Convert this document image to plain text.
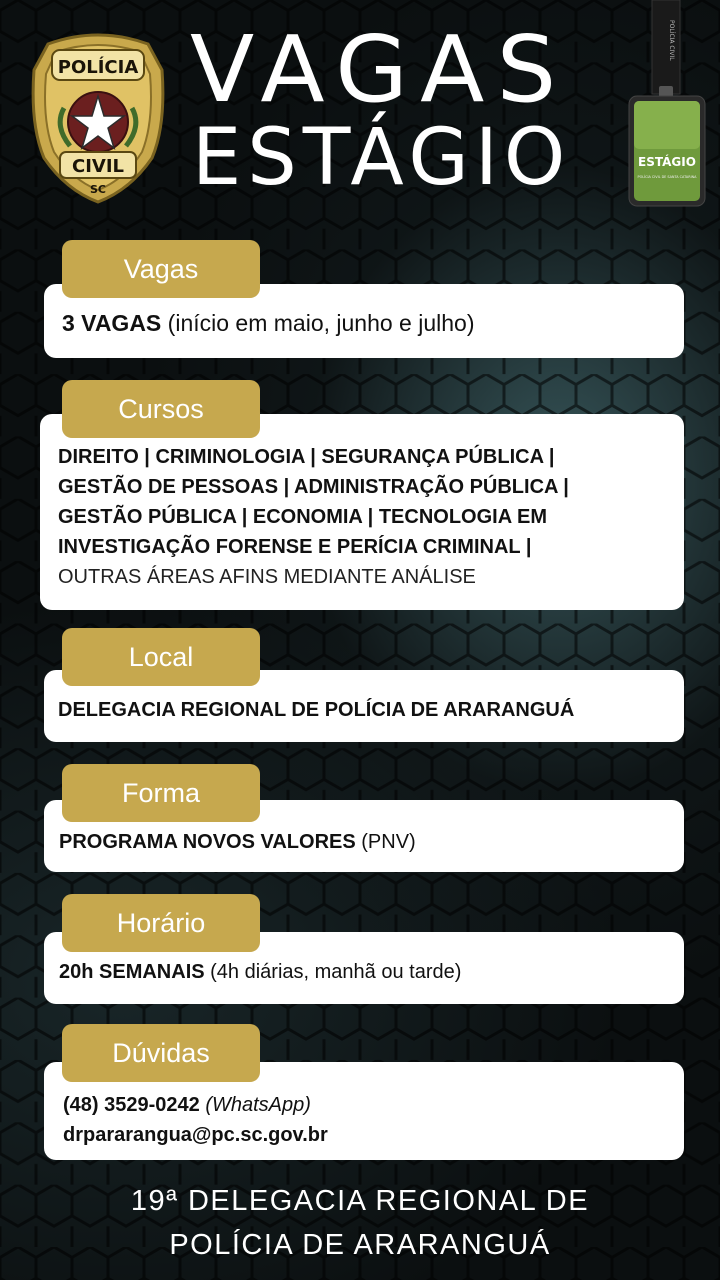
POLÍCIA
CIVIL
SC
VAGAS
ESTÁGIO
POLÍCIA CIVIL
ESTÁGIO
POLÍCIA CIVIL DE SANTA CATARINA
Vagas
3 VAGAS (início em maio, junho e julho)
Cursos
DIREITO | CRIMINOLOGIA | SEGURANÇA PÚBLICA |
GESTÃO DE PESSOAS | ADMINISTRAÇÃO PÚBLICA |
GESTÃO PÚBLICA | ECONOMIA | TECNOLOGIA EM
INVESTIGAÇÃO FORENSE E PERÍCIA CRIMINAL |
OUTRAS ÁREAS AFINS MEDIANTE ANÁLISE
Local
DELEGACIA REGIONAL DE POLÍCIA DE ARARANGUÁ
Forma
PROGRAMA NOVOS VALORES (PNV)
Horário
20h SEMANAIS (4h diárias, manhã ou tarde)
Dúvidas
(48) 3529-0242 (WhatsApp)
drpararangua@pc.sc.gov.br
19ª DELEGACIA REGIONAL DE
POLÍCIA DE ARARANGUÁ
